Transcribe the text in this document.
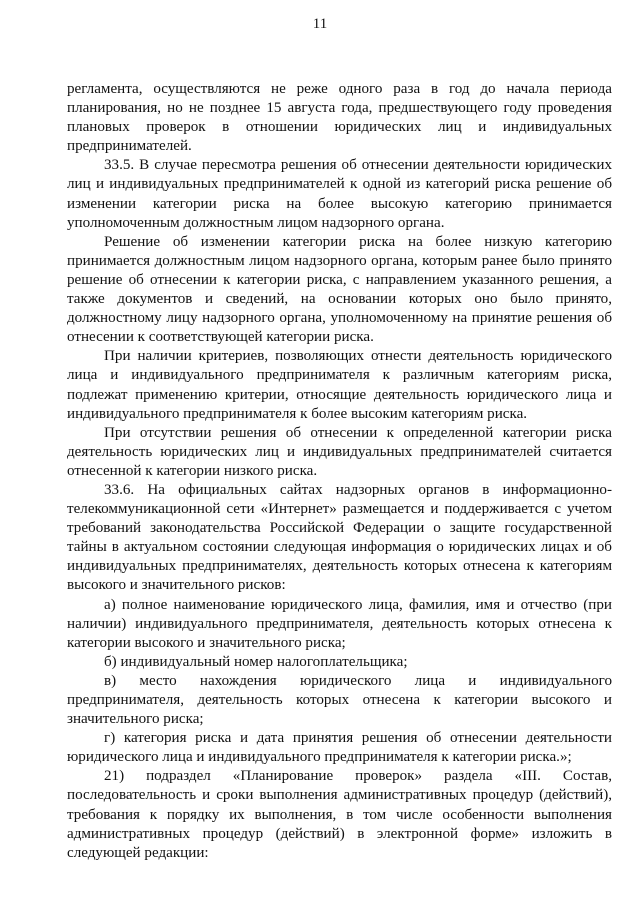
11

регламента, осуществляются не реже одного раза в год до начала периода планирования, но не позднее 15 августа года, предшествующего году проведения плановых проверок в отношении юридических лиц и индивидуальных предпринимателей.

33.5. В случае пересмотра решения об отнесении деятельности юридических лиц и индивидуальных предпринимателей к одной из категорий риска решение об изменении категории риска на более высокую категорию принимается уполномоченным должностным лицом надзорного органа.

Решение об изменении категории риска на более низкую категорию принимается должностным лицом надзорного органа, которым ранее было принято решение об отнесении к категории риска, с направлением указанного решения, а также документов и сведений, на основании которых оно было принято, должностному лицу надзорного органа, уполномоченному на принятие решения об отнесении к соответствующей категории риска.

При наличии критериев, позволяющих отнести деятельность юридического лица и индивидуального предпринимателя к различным категориям риска, подлежат применению критерии, относящие деятельность юридического лица и индивидуального предпринимателя к более высоким категориям риска.

При отсутствии решения об отнесении к определенной категории риска деятельность юридических лиц и индивидуальных предпринимателей считается отнесенной к категории низкого риска.

33.6. На официальных сайтах надзорных органов в информационно-телекоммуникационной сети «Интернет» размещается и поддерживается с учетом требований законодательства Российской Федерации о защите государственной тайны в актуальном состоянии следующая информация о юридических лицах и об индивидуальных предпринимателях, деятельность которых отнесена к категориям высокого и значительного рисков:

а) полное наименование юридического лица, фамилия, имя и отчество (при наличии) индивидуального предпринимателя, деятельность которых отнесена к категории высокого и значительного риска;

б) индивидуальный номер налогоплательщика;

в) место нахождения юридического лица и индивидуального предпринимателя, деятельность которых отнесена к категории высокого и значительного риска;

г) категория риска и дата принятия решения об отнесении деятельности юридического лица и индивидуального предпринимателя к категории риска.»;

21) подраздел «Планирование проверок» раздела «III. Состав, последовательность и сроки выполнения административных процедур (действий), требования к порядку их выполнения, в том числе особенности выполнения административных процедур (действий) в электронной форме» изложить в следующей редакции:
